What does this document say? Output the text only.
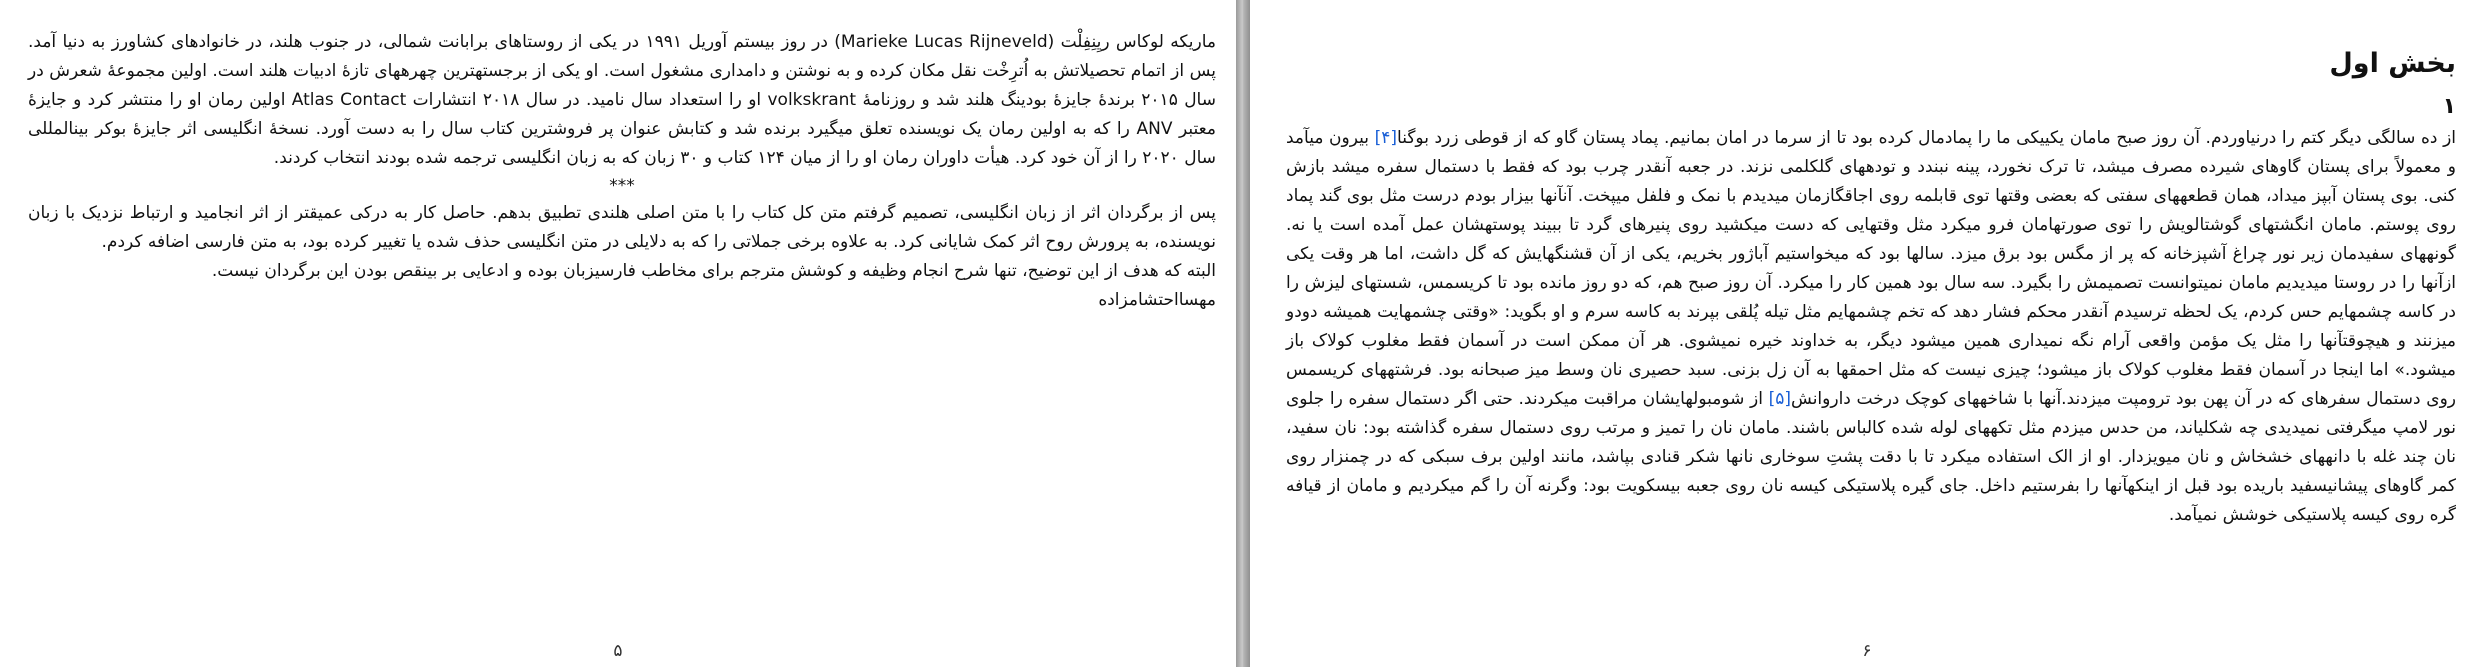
ماریکه لوکاس ریِنِفِلْت (Marieke Lucas Rijneveld) در روز بیستم آوریل ۱۹۹۱ در یکی از روستاهای برابانت شمالی، در جنوب هلند، در خانوادهای کشاورز به دنیا آمد. پس از اتمام تحصیلاتش به اُترِخْت نقل مکان کرده و به نوشتن و دامداری مشغول است. او یکی از برجستهترین چهرههای تازهٔ ادبیات هلند است. اولین مجموعهٔ شعرش در سال ۲۰۱۵ برندهٔ جایزهٔ بودینگ هلند شد و روزنامهٔ volkskrant او را استعداد سال نامید. در سال ۲۰۱۸ انتشارات Atlas Contact اولین رمان او را منتشر کرد و جایزهٔ معتبر ANV را که به اولین رمان یک نویسنده تعلق میگیرد برنده شد و کتابش عنوان پر فروشترین کتاب سال را به دست آورد. نسخهٔ انگلیسی اثر جایزهٔ بوکر بینالمللی سال ۲۰۲۰ را از آن خود کرد. هیأت داوران رمان او را از میان ۱۲۴ کتاب و ۳۰ زبان که به زبان انگلیسی ترجمه شده بودند انتخاب کردند.

***

پس از برگردان اثر از زبان انگلیسی، تصمیم گرفتم متن کل کتاب را با متن اصلی هلندی تطبیق بدهم. حاصل کار به درکی عمیقتر از اثر انجامید و ارتباط نزدیک با زبان نویسنده، به پرورش روح اثر کمک شایانی کرد. به علاوه برخی جملاتی را که به دلایلی در متن انگلیسی حذف شده یا تغییر کرده بود، به متن فارسی اضافه کردم.

البته که هدف از این توضیح، تنها شرح انجام وظیفه و کوشش مترجم برای مخاطب فارسیزبان بوده و ادعایی بر بینقص بودن این برگردان نیست.

مهسااحتشامزاده
۵
بخش اول
۱

از ده سالگی دیگر کتم را درنیاوردم. آن روز صبح مامان یکییکی ما را پمادمال کرده بود تا از سرما در امان بمانیم. پماد پستان گاو که از قوطی زرد بوگنا[۴] بیرون میآمد و معمولاً برای پستان گاوهای شیرده مصرف میشد، تا ترک نخورد، پینه نبندد و تودههای گلکلمی نزند. در جعبه آنقدر چرب بود که فقط با دستمال سفره میشد بازش کنی. بوی پستان آبپز میداد، همان قطعههای سفتی که بعضی وقتها توی قابلمه روی اجاقگازمان میدیدم با نمک و فلفل میپخت. آنآنها بیزار بودم درست مثل بوی گند پماد روی پوستم. مامان انگشتهای گوشتالویش را توی صورتهامان فرو میکرد مثل وقتهایی که دست میکشید روی پنیرهای گرد تا ببیند پوستهشان عمل آمده است یا نه. گونههای سفیدمان زیر نور چراغ آشپزخانه که پر از مگس بود برق میزد. سالها بود که میخواستیم آباژور بخریم، یکی از آن قشنگهایش که گل داشت، اما هر وقت یکی ازآنها را در روستا میدیدیم مامان نمیتوانست تصمیمش را بگیرد. سه سال بود همین کار را میکرد. آن روز صبح هم، که دو روز مانده بود تا کریسمس، شستهای لیزش را در کاسه چشمهایم حس کردم، یک لحظه ترسیدم آنقدر محکم فشار دهد که تخم چشمهایم مثل تیله پُلقی بپرند به کاسه سرم و او بگوید: «وقتی چشمهایت همیشه دودو میزنند و هیچوقتآنها را مثل یک مؤمن واقعی آرام نگه نمیداری همین میشود دیگر، به خداوند خیره نمیشوی. هر آن ممکن است در آسمان فقط مغلوب کولاک باز میشود.» اما اینجا در آسمان فقط مغلوب کولاک باز میشود؛ چیزی نیست که مثل احمقها به آن زل بزنی. سبد حصیری نان وسط میز صبحانه بود. فرشتههای کریسمس روی دستمال سفرهای که در آن پهن بود ترومپت میزدند.آنها با شاخههای کوچک درخت داروانش[۵] از شومبولهایشان مراقبت میکردند. حتی اگر دستمال سفره را جلوی نور لامپ میگرفتی نمیدیدی چه شکلیاند، من حدس میزدم مثل تکههای لوله شده کالباس باشند. مامان نان را تمیز و مرتب روی دستمال سفره گذاشته بود: نان سفید، نان چند غله با دانههای خشخاش و نان میویزدار. او از الک استفاده میکرد تا با دقت پشتِ سوخاری نانها شکر قنادی بپاشد، مانند اولین برف سبکی که در چمنزار روی کمر گاوهای پیشانیسفید باریده بود قبل از اینکهآنها را بفرستیم داخل. جای گیره پلاستیکی کیسه نان روی جعبه بیسکویت بود: وگرنه آن را گم میکردیم و مامان از قیافه گره روی کیسه پلاستیکی خوشش نمیآمد.

۶
